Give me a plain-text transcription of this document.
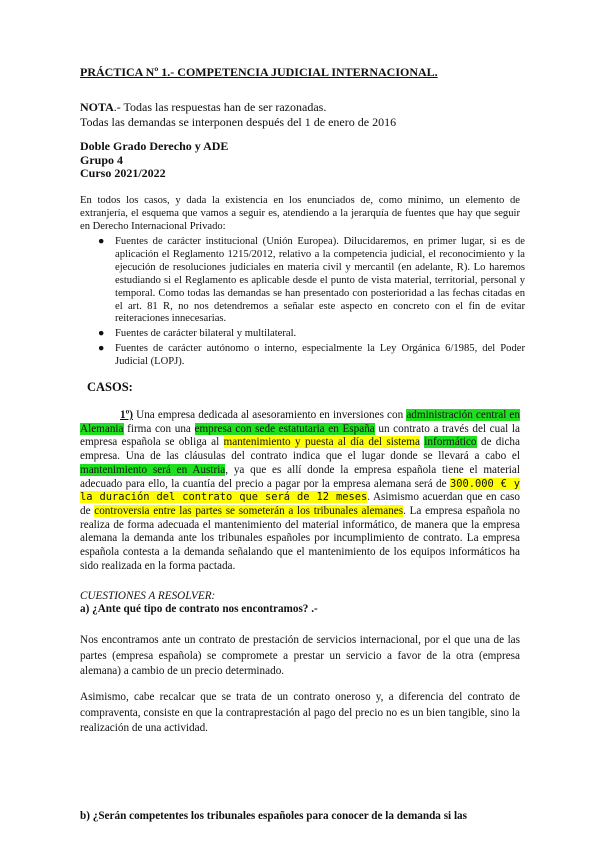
PRÁCTICA Nº 1.- COMPETENCIA JUDICIAL INTERNACIONAL.
NOTA.- Todas las respuestas han de ser razonadas.
Todas las demandas se interponen después del 1 de enero de 2016
Doble Grado Derecho y ADE
Grupo 4
Curso 2021/2022
En todos los casos, y dada la existencia en los enunciados de, como mínimo, un elemento de extranjería, el esquema que vamos a seguir es, atendiendo a la jerarquía de fuentes que hay que seguir en Derecho Internacional Privado:
● Fuentes de carácter institucional (Unión Europea). Dilucidaremos, en primer lugar, si es de aplicación el Reglamento 1215/2012, relativo a la competencia judicial, el reconocimiento y la ejecución de resoluciones judiciales en materia civil y mercantil (en adelante, R). Lo haremos estudiando si el Reglamento es aplicable desde el punto de vista material, territorial, personal y temporal. Como todas las demandas se han presentado con posterioridad a las fechas citadas en el art. 81 R, no nos detendremos a señalar este aspecto en concreto con el fin de evitar reiteraciones innecesarias.
● Fuentes de carácter bilateral y multilateral.
● Fuentes de carácter autónomo o interno, especialmente la Ley Orgánica 6/1985, del Poder Judicial (LOPJ).
CASOS:
1º) Una empresa dedicada al asesoramiento en inversiones con administración central en Alemania firma con una empresa con sede estatutaria en España un contrato a través del cual la empresa española se obliga al mantenimiento y puesta al día del sistema informático de dicha empresa. Una de las cláusulas del contrato indica que el lugar donde se llevará a cabo el mantenimiento será en Austria, ya que es allí donde la empresa española tiene el material adecuado para ello, la cuantía del precio a pagar por la empresa alemana será de 300.000 € y la duración del contrato que será de 12 meses. Asimismo acuerdan que en caso de controversia entre las partes se someterán a los tribunales alemanes. La empresa española no realiza de forma adecuada el mantenimiento del material informático, de manera que la empresa alemana la demanda ante los tribunales españoles por incumplimiento de contrato. La empresa española contesta a la demanda señalando que el mantenimiento de los equipos informáticos ha sido realizada en la forma pactada.
CUESTIONES A RESOLVER:
a) ¿Ante qué tipo de contrato nos encontramos? .-
Nos encontramos ante un contrato de prestación de servicios internacional, por el que una de las partes (empresa española) se compromete a prestar un servicio a favor de la otra (empresa alemana) a cambio de un precio determinado.
Asimismo, cabe recalcar que se trata de un contrato oneroso y, a diferencia del contrato de compraventa, consiste en que la contraprestación al pago del precio no es un bien tangible, sino la realización de una actividad.
b) ¿Serán competentes los tribunales españoles para conocer de la demanda si las
